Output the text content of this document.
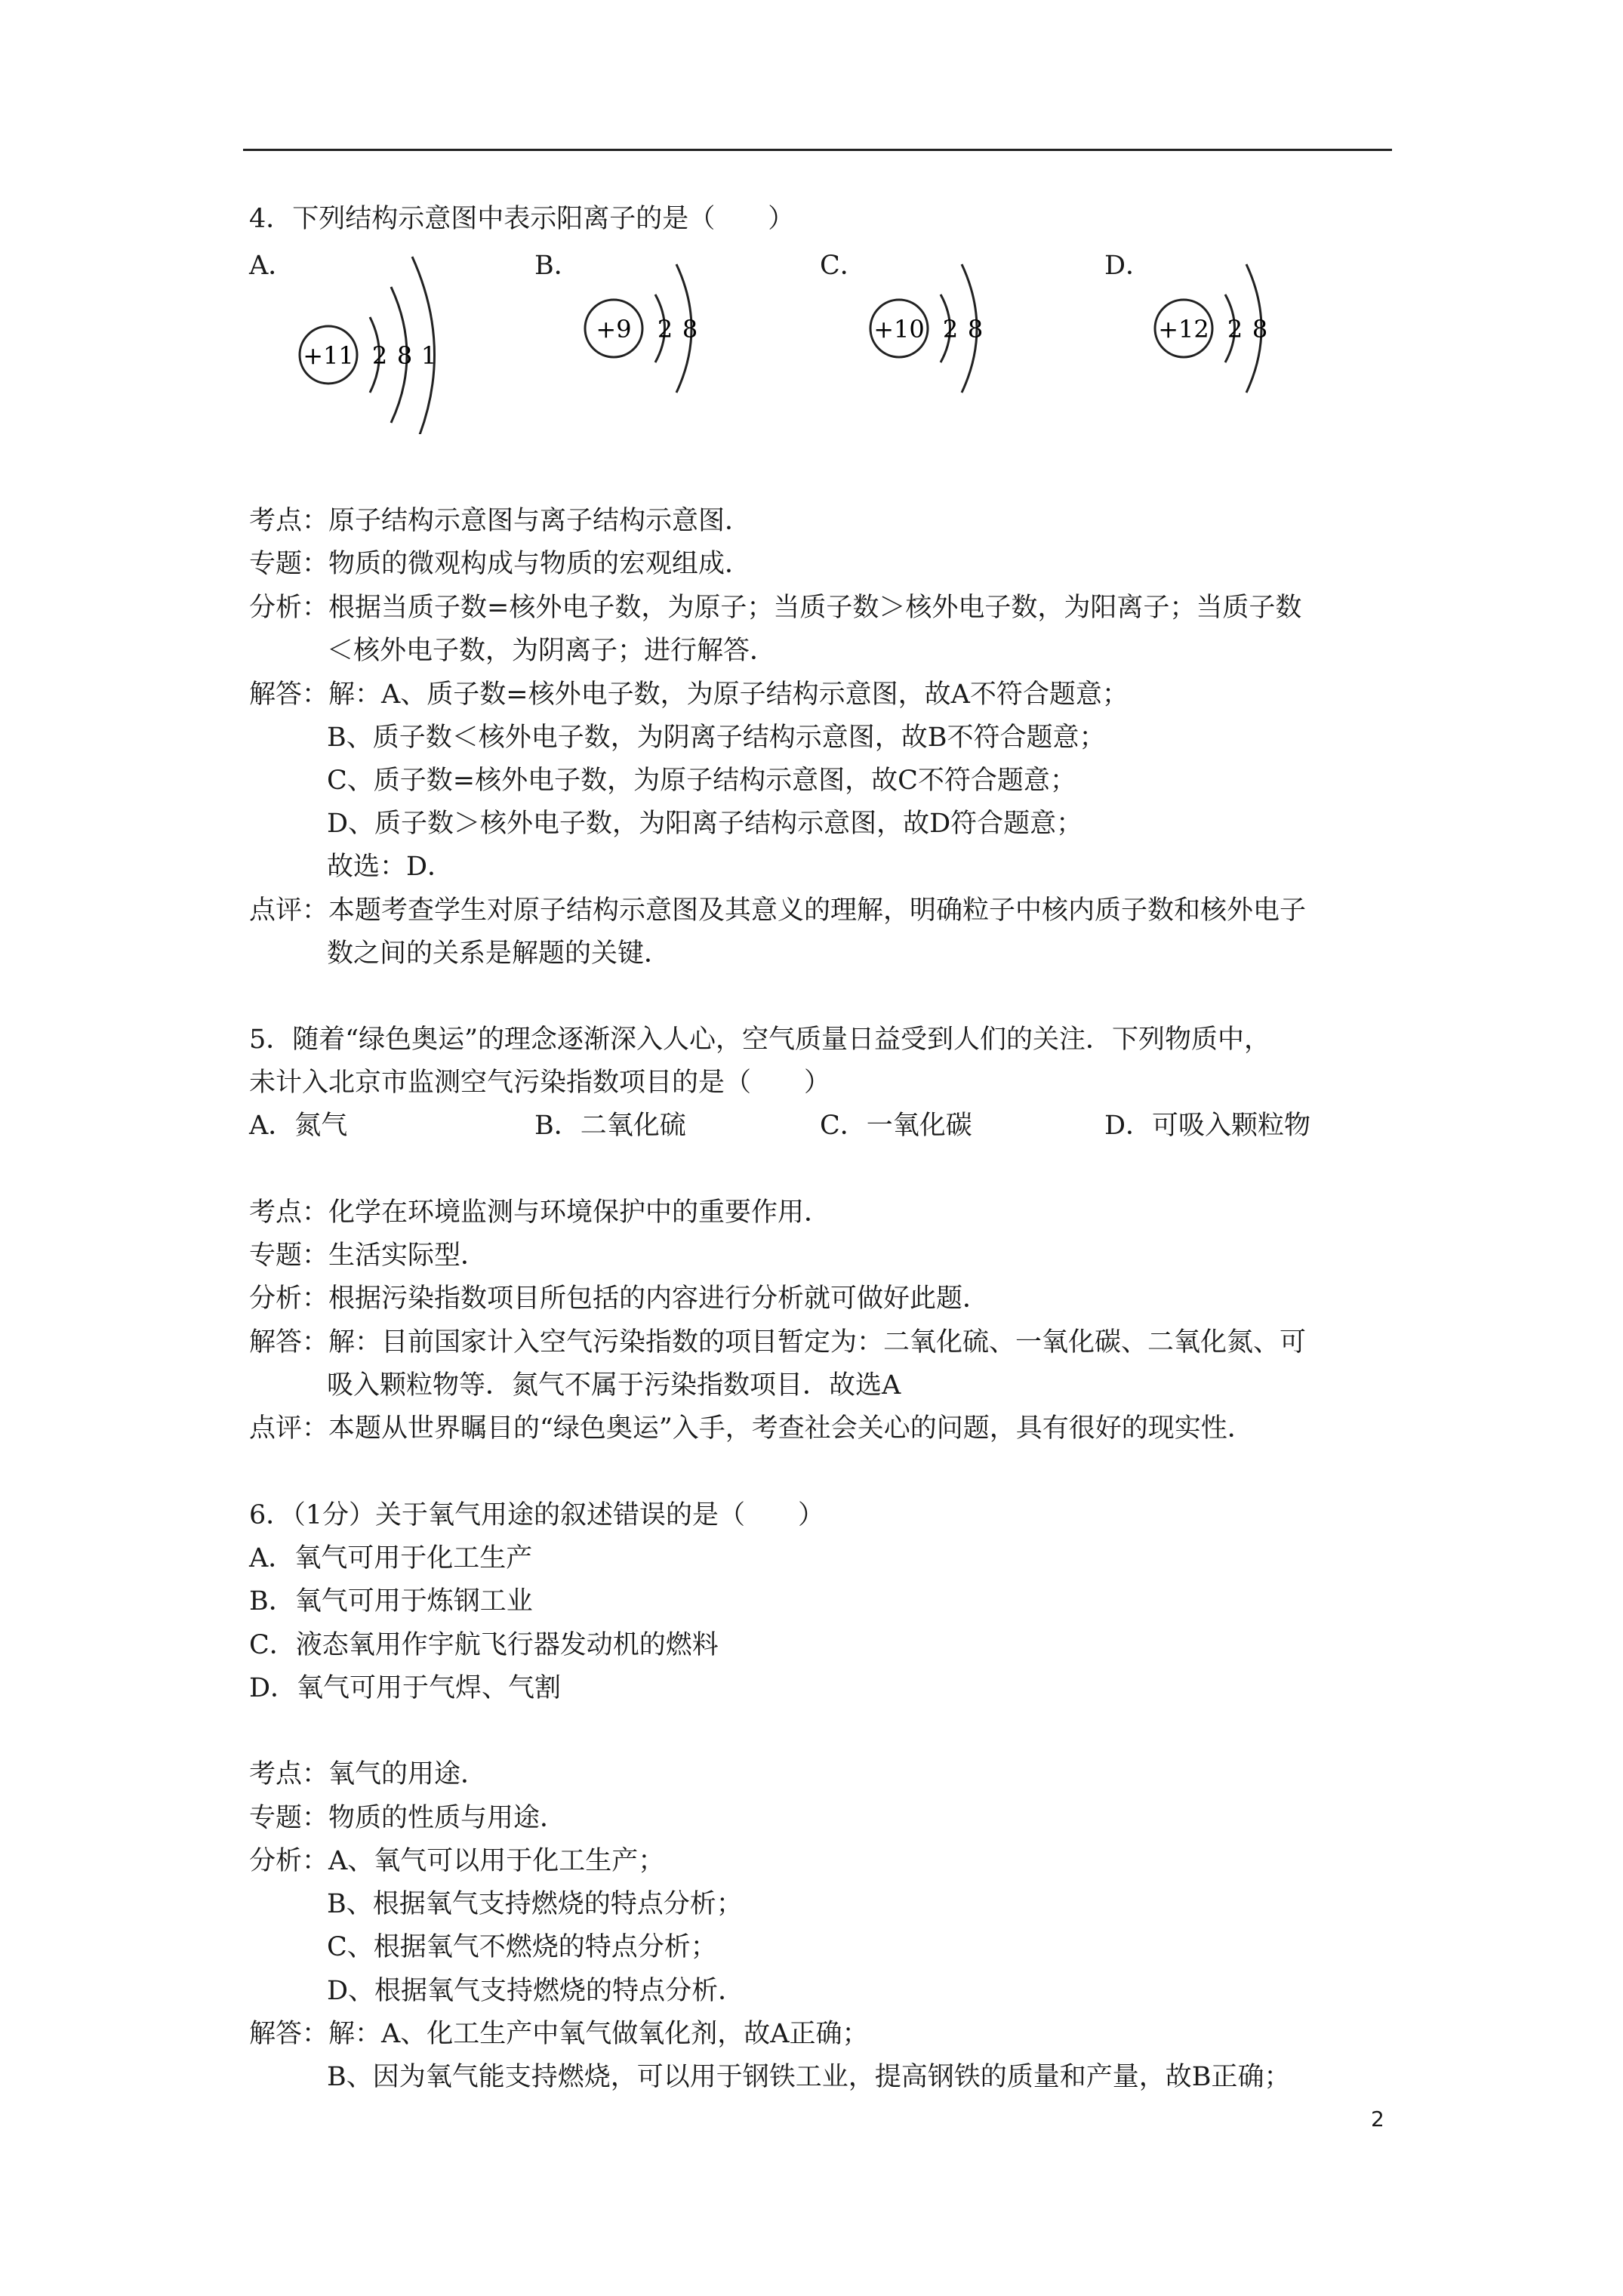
4．下列结构示意图中表示阳离子的是（　　）
A．	B．	C．	D．
+11 2 8 1
+9 2 8	+10 2 8	+12 2 8
考点：原子结构示意图与离子结构示意图．
专题：物质的微观构成与物质的宏观组成．
分析：根据当质子数=核外电子数，为原子；当质子数＞核外电子数，为阳离子；当质子数
＜核外电子数，为阴离子；进行解答．
解答：解：A、质子数=核外电子数，为原子结构示意图，故A不符合题意；
B、质子数＜核外电子数，为阴离子结构示意图，故B不符合题意；
C、质子数=核外电子数，为原子结构示意图，故C不符合题意；
D、质子数＞核外电子数，为阳离子结构示意图，故D符合题意；
故选：D．
点评：本题考查学生对原子结构示意图及其意义的理解，明确粒子中核内质子数和核外电子
数之间的关系是解题的关键．
5．随着“绿色奥运”的理念逐渐深入人心，空气质量日益受到人们的关注．下列物质中，
未计入北京市监测空气污染指数项目的是（　　）
A．氮气	B．二氧化硫	C．一氧化碳	D．可吸入颗粒物
考点：化学在环境监测与环境保护中的重要作用．
专题：生活实际型．
分析：根据污染指数项目所包括的内容进行分析就可做好此题．
解答：解：目前国家计入空气污染指数的项目暂定为：二氧化硫、一氧化碳、二氧化氮、可
吸入颗粒物等．氮气不属于污染指数项目．故选A
点评：本题从世界瞩目的“绿色奥运”入手，考查社会关心的问题，具有很好的现实性．
6．（1分）关于氧气用途的叙述错误的是（　　）
A．氧气可用于化工生产
B．氧气可用于炼钢工业
C．液态氧用作宇航飞行器发动机的燃料
D．氧气可用于气焊、气割
考点：氧气的用途．
专题：物质的性质与用途．
分析：A、氧气可以用于化工生产；
B、根据氧气支持燃烧的特点分析；
C、根据氧气不燃烧的特点分析；
D、根据氧气支持燃烧的特点分析．
解答：解：A、化工生产中氧气做氧化剂，故A正确；
B、因为氧气能支持燃烧，可以用于钢铁工业，提高钢铁的质量和产量，故B正确；
2
